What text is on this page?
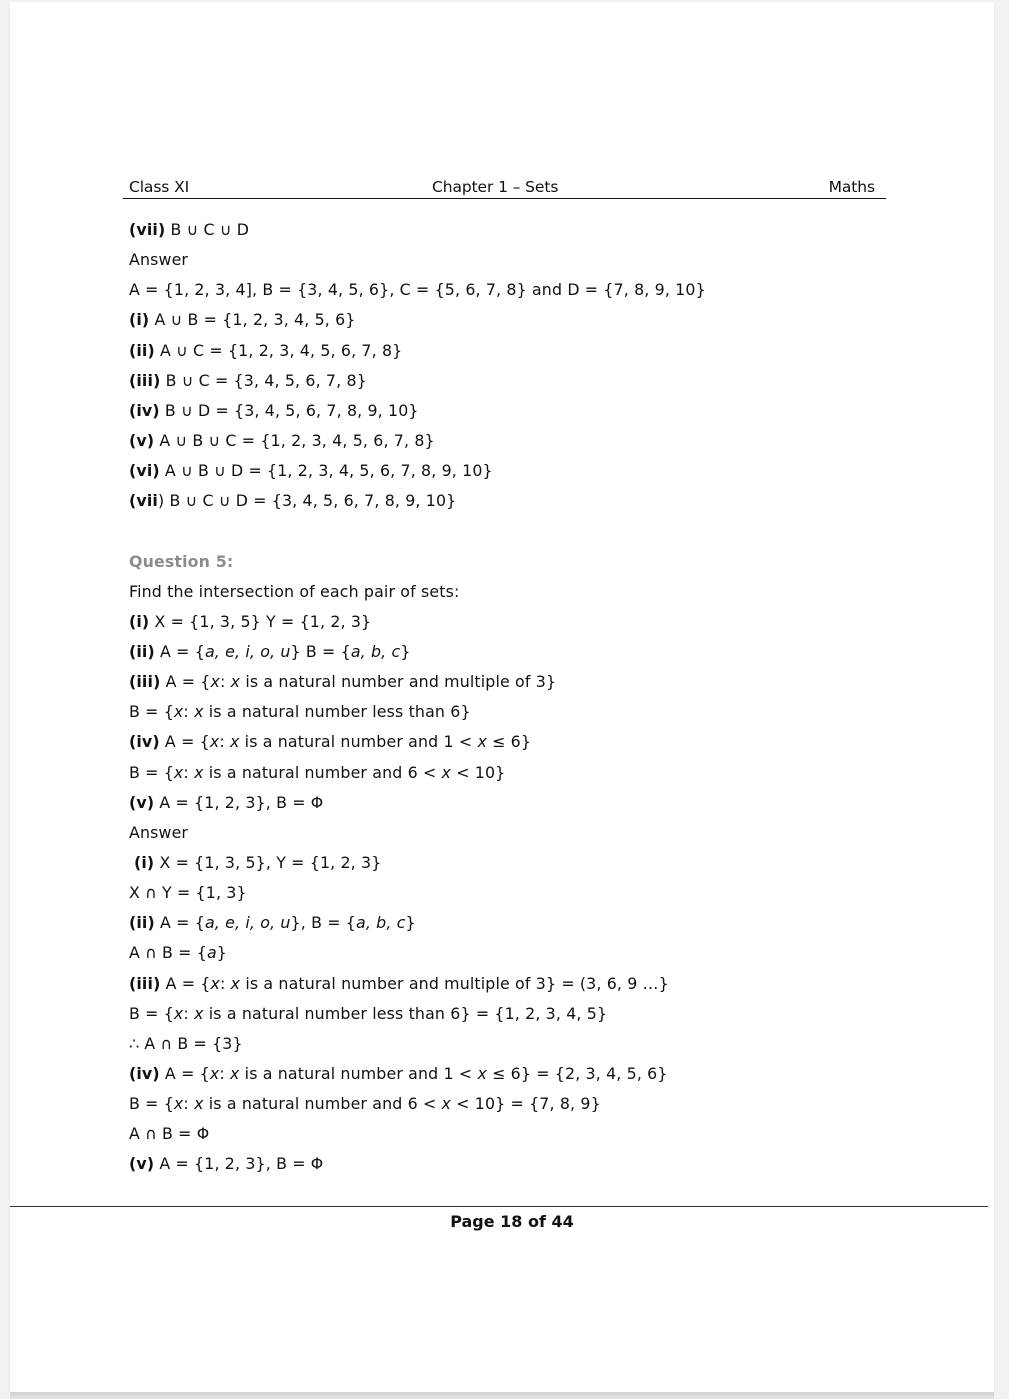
Class XI	Chapter 1 – Sets	Maths
(vii) B ∪ C ∪ D
Answer
A = {1, 2, 3, 4], B = {3, 4, 5, 6}, C = {5, 6, 7, 8} and D = {7, 8, 9, 10}
(i) A ∪ B = {1, 2, 3, 4, 5, 6}
(ii) A ∪ C = {1, 2, 3, 4, 5, 6, 7, 8}
(iii) B ∪ C = {3, 4, 5, 6, 7, 8}
(iv) B ∪ D = {3, 4, 5, 6, 7, 8, 9, 10}
(v) A ∪ B ∪ C = {1, 2, 3, 4, 5, 6, 7, 8}
(vi) A ∪ B ∪ D = {1, 2, 3, 4, 5, 6, 7, 8, 9, 10}
(vii) B ∪ C ∪ D = {3, 4, 5, 6, 7, 8, 9, 10}
Question 5:
Find the intersection of each pair of sets:
(i) X = {1, 3, 5} Y = {1, 2, 3}
(ii) A = {a, e, i, o, u} B = {a, b, c}
(iii) A = {x: x is a natural number and multiple of 3}
B = {x: x is a natural number less than 6}
(iv) A = {x: x is a natural number and 1 < x ≤ 6}
B = {x: x is a natural number and 6 < x < 10}
(v) A = {1, 2, 3}, B = Φ
Answer
(i) X = {1, 3, 5}, Y = {1, 2, 3}
X ∩ Y = {1, 3}
(ii) A = {a, e, i, o, u}, B = {a, b, c}
A ∩ B = {a}
(iii) A = {x: x is a natural number and multiple of 3} = (3, 6, 9 …}
B = {x: x is a natural number less than 6} = {1, 2, 3, 4, 5}
∴ A ∩ B = {3}
(iv) A = {x: x is a natural number and 1 < x ≤ 6} = {2, 3, 4, 5, 6}
B = {x: x is a natural number and 6 < x < 10} = {7, 8, 9}
A ∩ B = Φ
(v) A = {1, 2, 3}, B = Φ
Page 18 of 44
